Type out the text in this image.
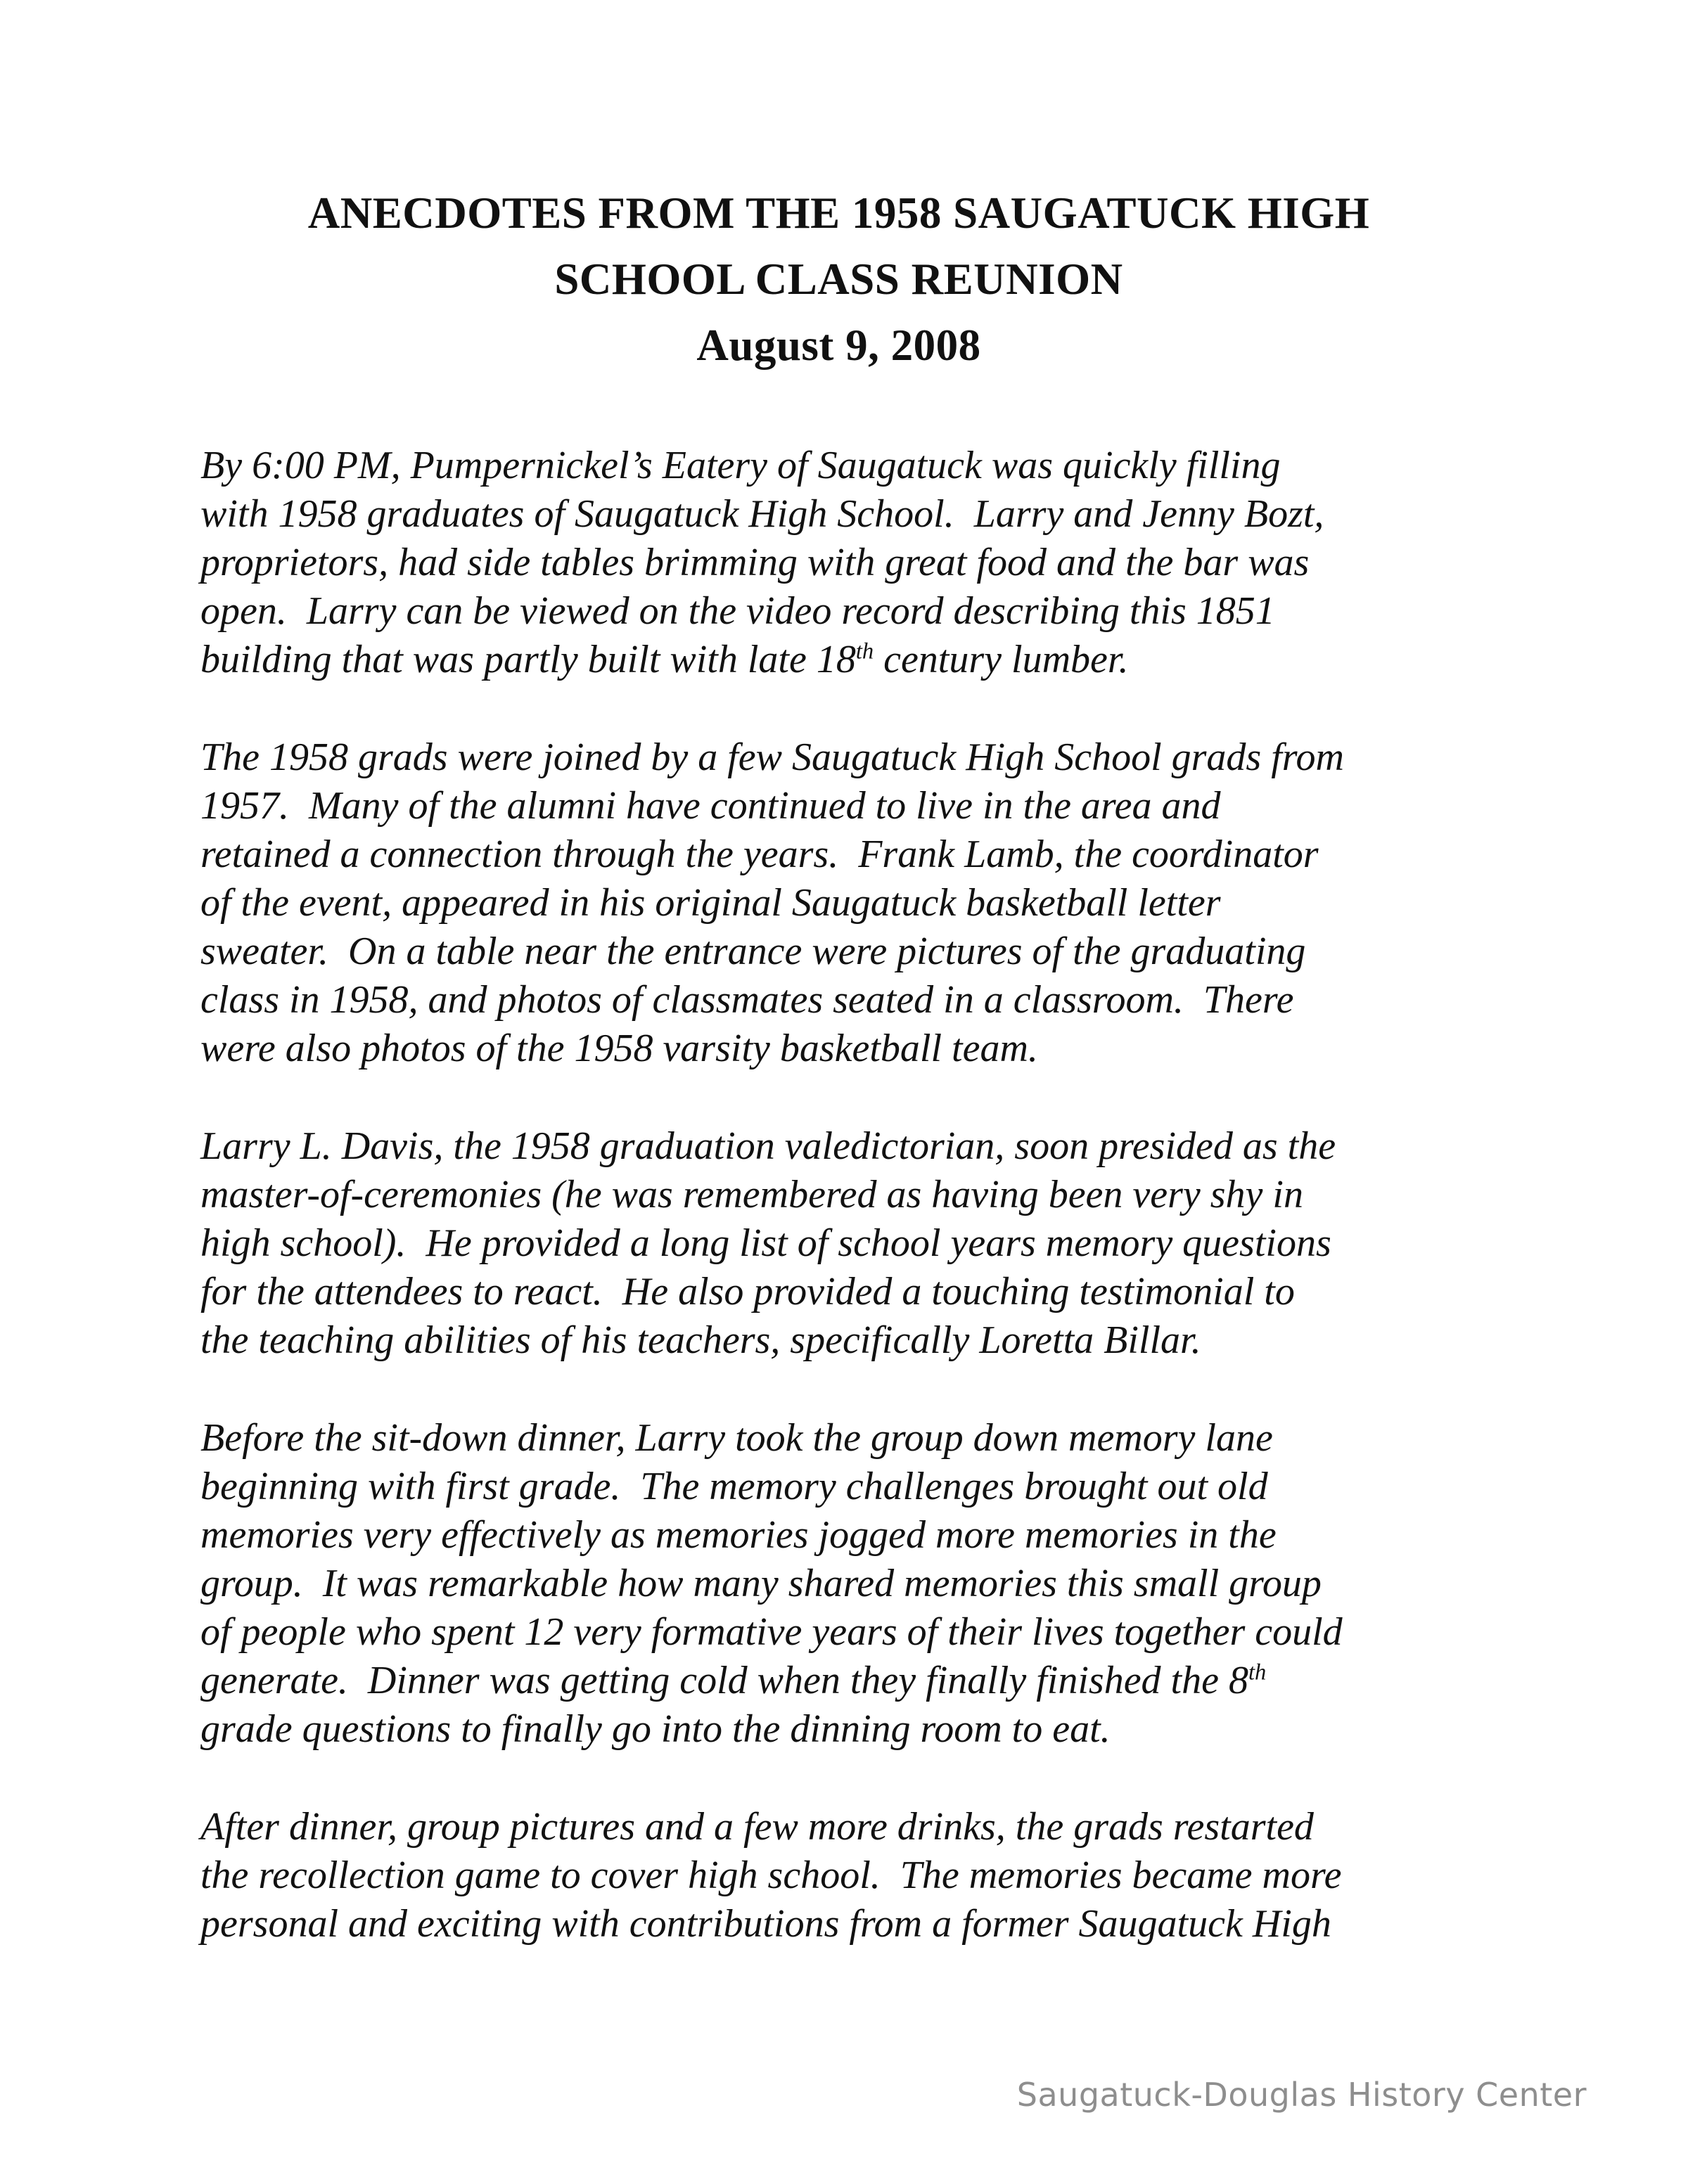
ANECDOTES FROM THE 1958 SAUGATUCK HIGH
SCHOOL CLASS REUNION
August 9, 2008
By 6:00 PM, Pumpernickel’s Eatery of Saugatuck was quickly filling
with 1958 graduates of Saugatuck High School.  Larry and Jenny Bozt,
proprietors, had side tables brimming with great food and the bar was
open.  Larry can be viewed on the video record describing this 1851
building that was partly built with late 18th century lumber.
The 1958 grads were joined by a few Saugatuck High School grads from
1957.  Many of the alumni have continued to live in the area and
retained a connection through the years.  Frank Lamb, the coordinator
of the event, appeared in his original Saugatuck basketball letter
sweater.  On a table near the entrance were pictures of the graduating
class in 1958, and photos of classmates seated in a classroom.  There
were also photos of the 1958 varsity basketball team.
Larry L. Davis, the 1958 graduation valedictorian, soon presided as the
master-of-ceremonies (he was remembered as having been very shy in
high school).  He provided a long list of school years memory questions
for the attendees to react.  He also provided a touching testimonial to
the teaching abilities of his teachers, specifically Loretta Billar.
Before the sit-down dinner, Larry took the group down memory lane
beginning with first grade.  The memory challenges brought out old
memories very effectively as memories jogged more memories in the
group.  It was remarkable how many shared memories this small group
of people who spent 12 very formative years of their lives together could
generate.  Dinner was getting cold when they finally finished the 8th
grade questions to finally go into the dinning room to eat.
After dinner, group pictures and a few more drinks, the grads restarted
the recollection game to cover high school.  The memories became more
personal and exciting with contributions from a former Saugatuck High
Saugatuck-Douglas History Center
